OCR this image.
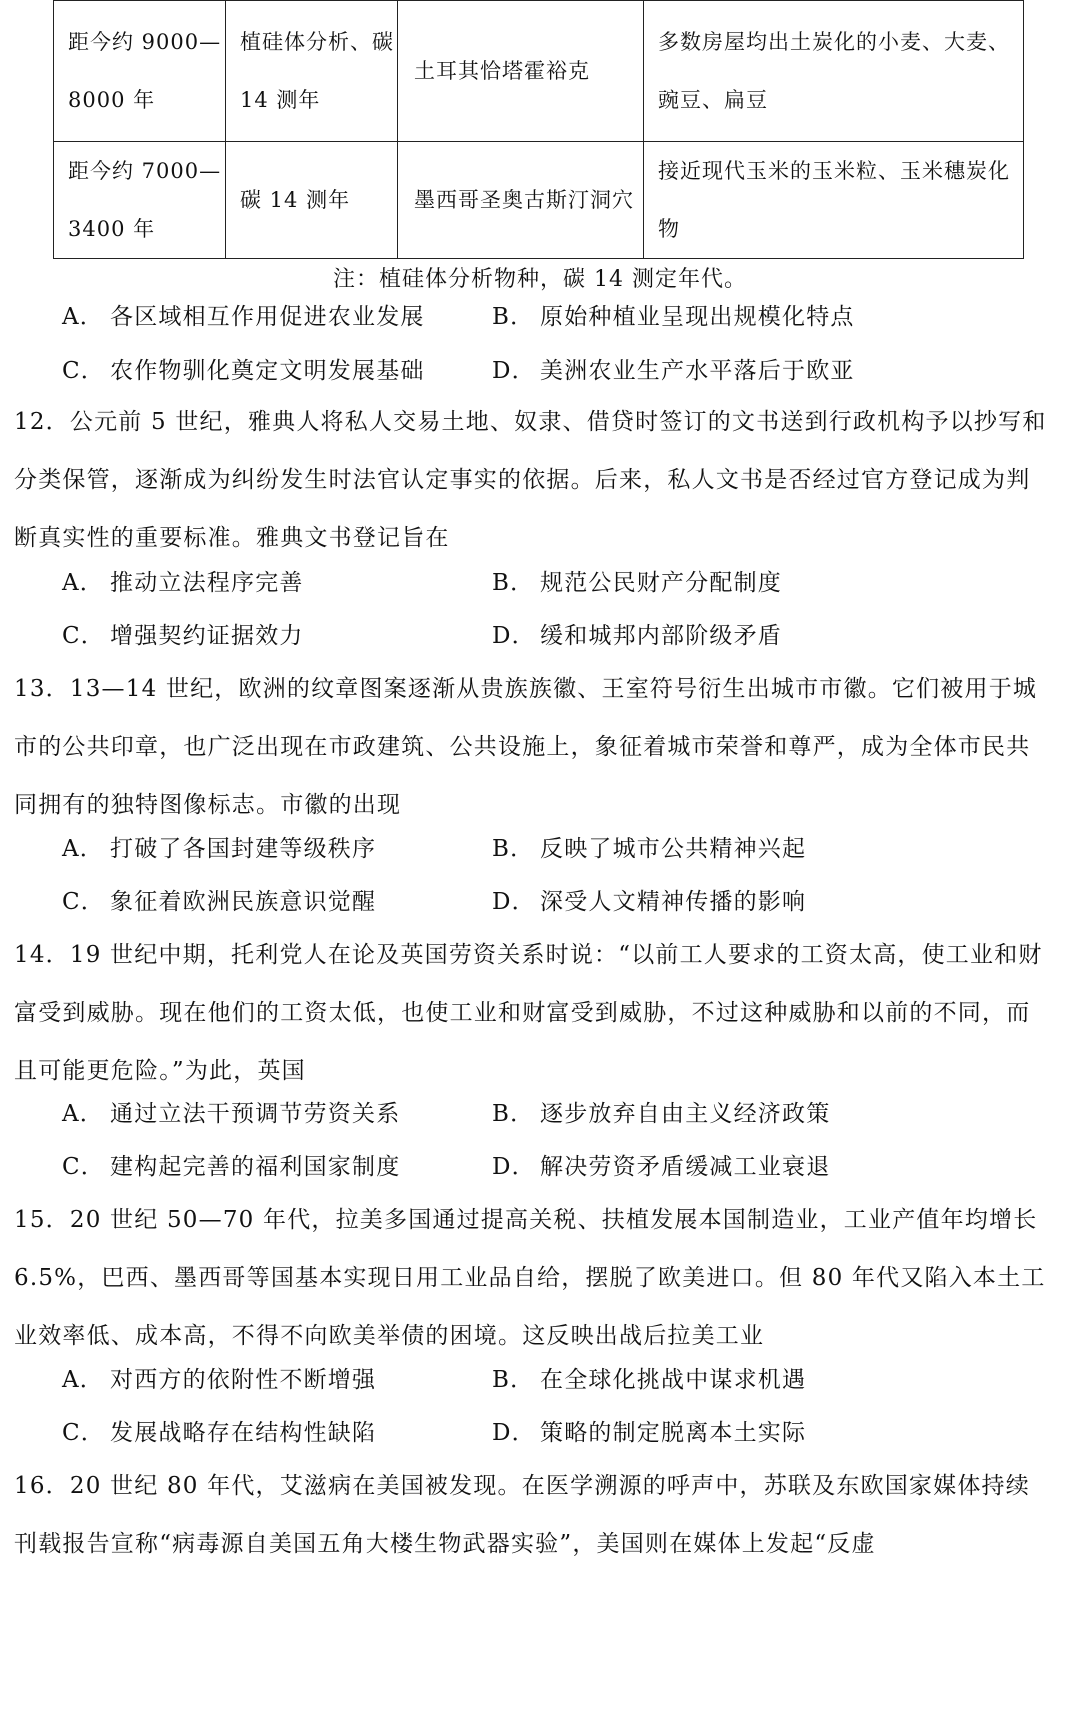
距今约 9000—8000 年	植硅体分析、碳 14 测年	土耳其恰塔霍裕克	多数房屋均出土炭化的小麦、大麦、豌豆、扁豆
距今约 7000—3400 年	碳 14 测年	墨西哥圣奥古斯汀洞穴	接近现代玉米的玉米粒、玉米穗炭化物
注：植硅体分析物种，碳 14 测定年代。
A． 各区域相互作用促进农业发展	B． 原始种植业呈现出规模化特点
C． 农作物驯化奠定文明发展基础	D． 美洲农业生产水平落后于欧亚
12．公元前 5 世纪，雅典人将私人交易土地、奴隶、借贷时签订的文书送到行政机构予以抄写和分类保管，逐渐成为纠纷发生时法官认定事实的依据。后来，私人文书是否经过官方登记成为判断真实性的重要标准。雅典文书登记旨在
A． 推动立法程序完善	B． 规范公民财产分配制度
C． 增强契约证据效力	D． 缓和城邦内部阶级矛盾
13．13—14 世纪，欧洲的纹章图案逐渐从贵族族徽、王室符号衍生出城市市徽。它们被用于城市的公共印章，也广泛出现在市政建筑、公共设施上，象征着城市荣誉和尊严，成为全体市民共同拥有的独特图像标志。市徽的出现
A． 打破了各国封建等级秩序	B． 反映了城市公共精神兴起
C． 象征着欧洲民族意识觉醒	D． 深受人文精神传播的影响
14．19 世纪中期，托利党人在论及英国劳资关系时说：“以前工人要求的工资太高，使工业和财富受到威胁。现在他们的工资太低，也使工业和财富受到威胁，不过这种威胁和以前的不同，而且可能更危险。”为此，英国
A． 通过立法干预调节劳资关系	B． 逐步放弃自由主义经济政策
C． 建构起完善的福利国家制度	D． 解决劳资矛盾缓减工业衰退
15．20 世纪 50—70 年代，拉美多国通过提高关税、扶植发展本国制造业，工业产值年均增长 6.5%，巴西、墨西哥等国基本实现日用工业品自给，摆脱了欧美进口。但 80 年代又陷入本土工业效率低、成本高，不得不向欧美举债的困境。这反映出战后拉美工业
A． 对西方的依附性不断增强	B． 在全球化挑战中谋求机遇
C． 发展战略存在结构性缺陷	D． 策略的制定脱离本土实际
16．20 世纪 80 年代，艾滋病在美国被发现。在医学溯源的呼声中，苏联及东欧国家媒体持续刊载报告宣称“病毒源自美国五角大楼生物武器实验”，美国则在媒体上发起“反虚
